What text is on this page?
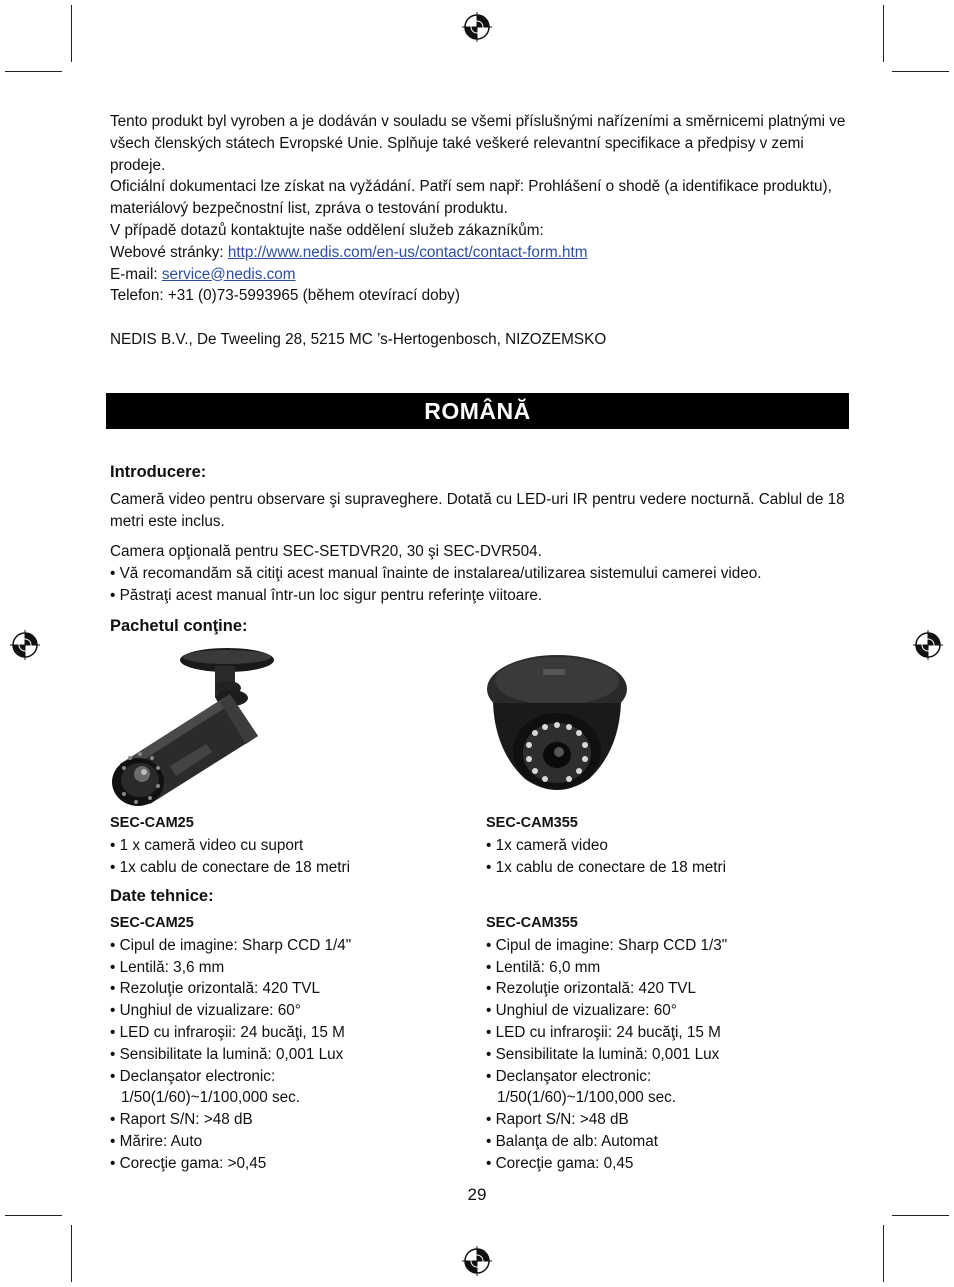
Tento produkt byl vyroben a je dodáván v souladu se všemi příslušnými nařízeními a směrnicemi platnými ve všech členských státech Evropské Unie. Splňuje také veškeré relevantní specifikace a předpisy v zemi prodeje.

Oficiální dokumentaci lze získat na vyžádání. Patří sem např: Prohlášení o shodě (a identifikace produktu), materiálový bezpečnostní list, zpráva o testování produktu.

V případě dotazů kontaktujte naše oddělení služeb zákazníkům:

Webové stránky: http://www.nedis.com/en-us/contact/contact-form.htm

E-mail: service@nedis.com

Telefon: +31 (0)73-5993965 (během otevírací doby)

NEDIS B.V., De Tweeling 28, 5215 MC ’s-Hertogenbosch, NIZOZEMSKO
ROMÂNĂ
Introducere:

Cameră video pentru observare şi supraveghere. Dotată cu LED-uri IR pentru vedere nocturnă. Cablul de 18 metri este inclus.

Camera opţională pentru SEC-SETDVR20, 30 şi SEC-DVR504.

• Vă recomandăm să citiţi acest manual înainte de instalarea/utilizarea sistemului camerei video.

• Păstraţi acest manual într-un loc sigur pentru referinţe viitoare.

Pachetul conţine:

SEC-CAM25

• 1 x cameră video cu suport

• 1x cablu de conectare de 18 metri

SEC-CAM355

• 1x cameră video

• 1x cablu de conectare de 18 metri

Date tehnice:

SEC-CAM25

• Cipul de imagine: Sharp CCD 1/4"

• Lentilă: 3,6 mm

• Rezoluţie orizontală: 420 TVL

• Unghiul de vizualizare: 60°

• LED cu infraroşii: 24 bucăţi, 15 M

• Sensibilitate la lumină: 0,001 Lux

• Declanşator electronic:

1/50(1/60)~1/100,000 sec.

• Raport S/N: >48 dB

• Mărire: Auto

• Corecţie gama: >0,45

SEC-CAM355

• Cipul de imagine: Sharp CCD 1/3"

• Lentilă: 6,0 mm

• Rezoluţie orizontală: 420 TVL

• Unghiul de vizualizare: 60°

• LED cu infraroşii: 24 bucăţi, 15 M

• Sensibilitate la lumină: 0,001 Lux

• Declanşator electronic:

1/50(1/60)~1/100,000 sec.

• Raport S/N: >48 dB

• Balanţa de alb: Automat

• Corecţie gama: 0,45

29
